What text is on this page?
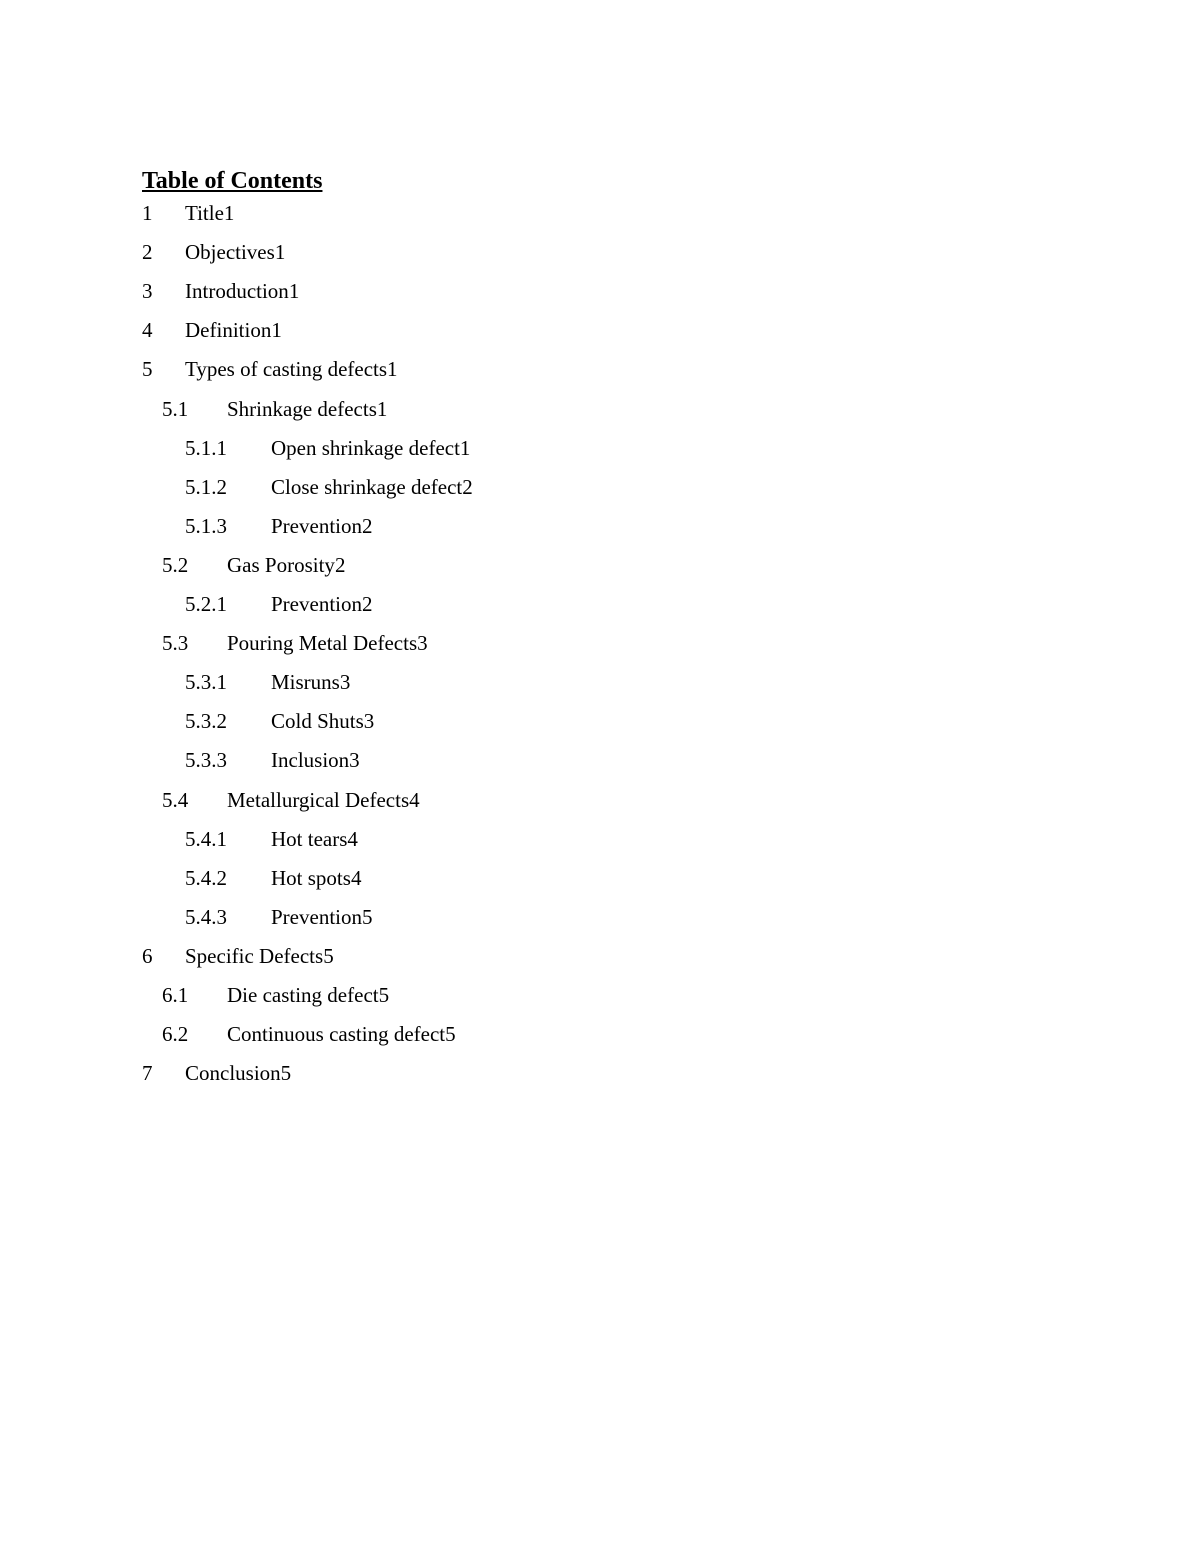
Table of Contents
1	Title 1
2	Objectives 1
3	Introduction 1
4	Definition 1
5	Types of casting defects 1
5.1	Shrinkage defects 1
5.1.1	Open shrinkage defect 1
5.1.2	Close shrinkage defect 2
5.1.3	Prevention 2
5.2	Gas Porosity 2
5.2.1	Prevention 2
5.3	Pouring Metal Defects 3
5.3.1	Misruns 3
5.3.2	Cold Shuts 3
5.3.3	Inclusion 3
5.4	Metallurgical Defects 4
5.4.1	Hot tears 4
5.4.2	Hot spots 4
5.4.3	Prevention 5
6	Specific Defects 5
6.1	Die casting defect 5
6.2	Continuous casting defect 5
7	Conclusion 5
